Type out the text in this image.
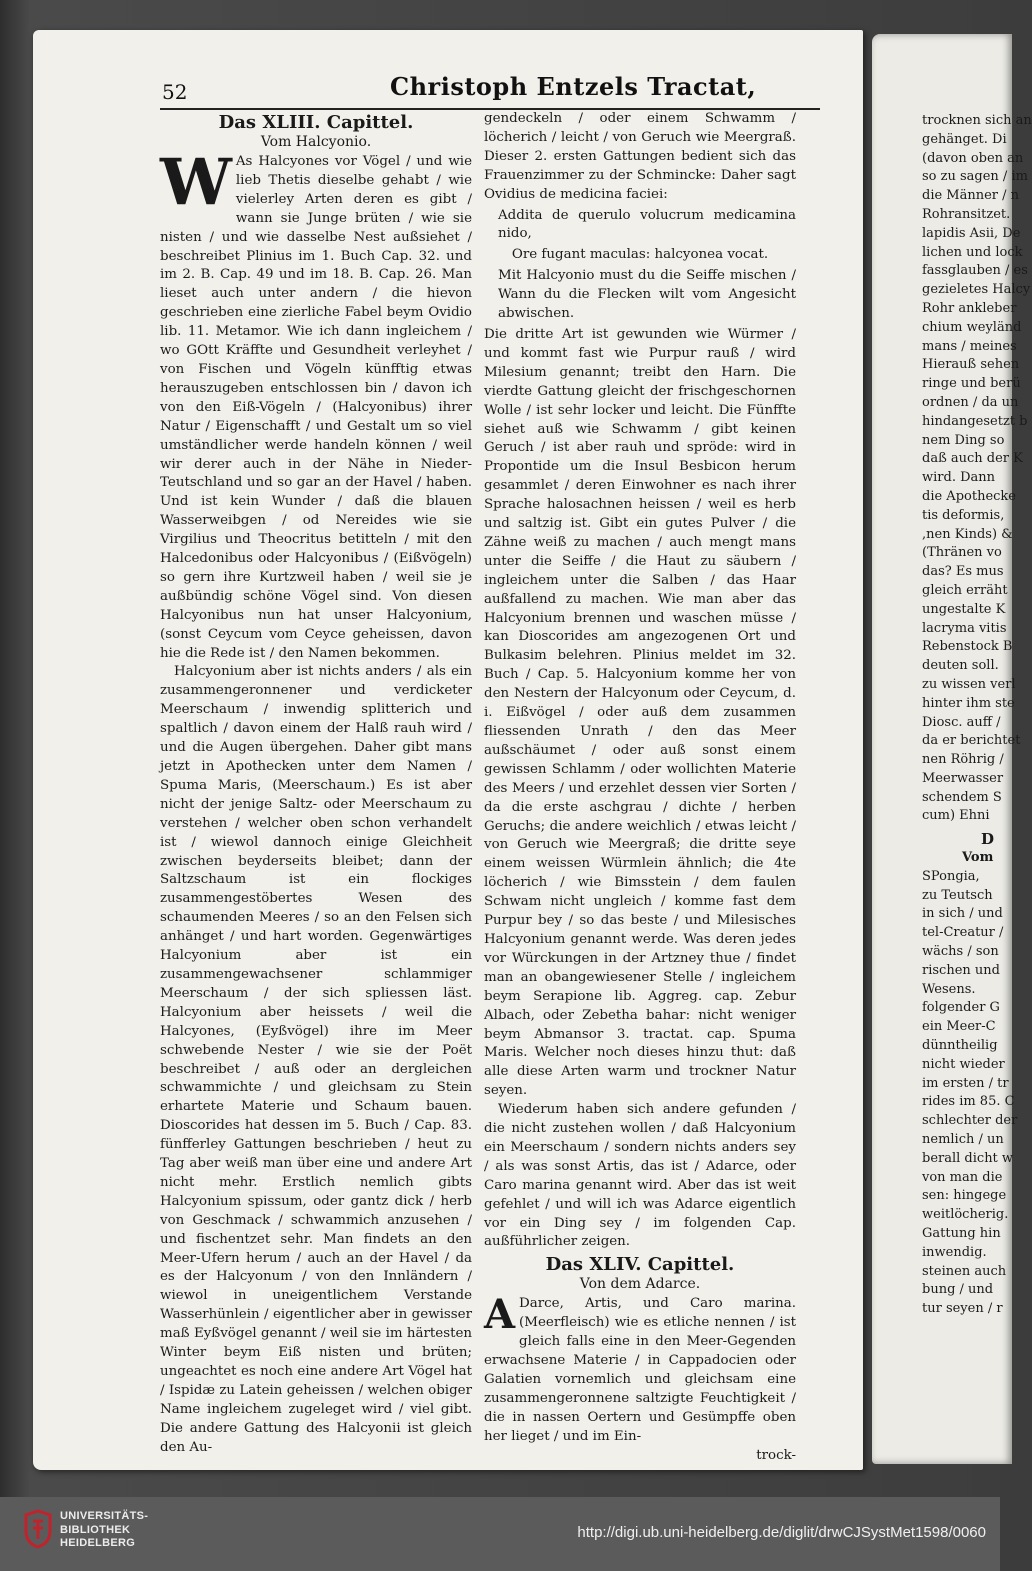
52	Christoph Entzels Tractat,
Das XLIII. Capittel.
Vom Halcyonio.

W As Halcyones vor Vögel / und wie lieb Thetis dieselbe gehabt / wie vielerley Arten deren es gibt / wann sie Junge brüten / wie sie nisten / und wie dasselbe Nest außsiehet / beschreibet Plinius im 1. Buch Cap. 32. und im 2. B. Cap. 49 und im 18. B. Cap. 26. Man lieset auch unter andern / die hievon geschrieben eine zierliche Fabel beym Ovidio lib. 11. Metamor. Wie ich dann ingleichem / wo GOtt Kräffte und Gesundheit verleyhet / von Fischen und Vögeln künfftig etwas herauszugeben entschlossen bin / davon ich von den Eiß-Vögeln / (Halcyonibus) ihrer Natur / Eigenschafft / und Gestalt um so viel umständlicher werde handeln können / weil wir derer auch in der Nähe in Nieder-Teutschland und so gar an der Havel / haben. Und ist kein Wunder / daß die blauen Wasserweibgen / od Nereides wie sie Virgilius und Theocritus betitteln / mit den Halcedonibus oder Halcyonibus / (Eißvögeln) so gern ihre Kurtzweil haben / weil sie je außbündig schöne Vögel sind. Von diesen Halcyonibus nun hat unser Halcyonium, (sonst Ceycum vom Ceyce geheissen, davon hie die Rede ist / den Namen bekommen.

Halcyonium aber ist nichts anders / als ein zusammengeronnener und verdicketer Meerschaum / inwendig splitterich und spaltlich / davon einem der Halß rauh wird / und die Augen übergehen. Daher gibt mans jetzt in Apothecken unter dem Namen / Spuma Maris, (Meerschaum.) Es ist aber nicht der jenige Saltz- oder Meerschaum zu verstehen / welcher oben schon verhandelt ist / wiewol dannoch einige Gleichheit zwischen beyderseits bleibet; dann der Saltzschaum ist ein flockiges zusammengestöbertes Wesen des schaumenden Meeres / so an den Felsen sich anhänget / und hart worden. Gegenwärtiges Halcyonium aber ist ein zusammengewachsener schlammiger Meerschaum / der sich spliessen läst. Halcyonium aber heissets / weil die Halcyones, (Eyßvögel) ihre im Meer schwebende Nester / wie sie der Poët beschreibet / auß oder an dergleichen schwammichte / und gleichsam zu Stein erhartete Materie und Schaum bauen. Dioscorides hat dessen im 5. Buch / Cap. 83. fünfferley Gattungen beschrieben / heut zu Tag aber weiß man über eine und andere Art nicht mehr. Erstlich nemlich gibts Halcyonium spissum, oder gantz dick / herb von Geschmack / schwammich anzusehen / und fischentzet sehr. Man findets an den Meer-Ufern herum / auch an der Havel / da es der Halcyonum / von den Innländern / wiewol in uneigentlichem Verstande Wasserhünlein / eigentlicher aber in gewisser maß Eyßvögel genannt / weil sie im härtesten Winter beym Eiß nisten und brüten; ungeachtet es noch eine andere Art Vögel hat / Ispidæ zu Latein geheissen / welchen obiger Name ingleichem zugeleget wird / viel gibt. Die andere Gattung des Halcyonii ist gleich den Au-

gendeckeln / oder einem Schwamm / löcherich / leicht / von Geruch wie Meergraß. Dieser 2. ersten Gattungen bedient sich das Frauenzimmer zu der Schmincke: Daher sagt Ovidius de medicina faciei:

Addita de querulo volucrum medicamina nido,

Ore fugant maculas: halcyonea vocat.

Mit Halcyonio must du die Seiffe mischen / Wann du die Flecken wilt vom Angesicht abwischen.

Die dritte Art ist gewunden wie Würmer / und kommt fast wie Purpur rauß / wird Milesium genannt; treibt den Harn. Die vierdte Gattung gleicht der frischgeschornen Wolle / ist sehr locker und leicht. Die Fünffte siehet auß wie Schwamm / gibt keinen Geruch / ist aber rauh und spröde: wird in Propontide um die Insul Besbicon herum gesammlet / deren Einwohner es nach ihrer Sprache halosachnen heissen / weil es herb und saltzig ist. Gibt ein gutes Pulver / die Zähne weiß zu machen / auch mengt mans unter die Seiffe / die Haut zu säubern / ingleichem unter die Salben / das Haar außfallend zu machen. Wie man aber das Halcyonium brennen und waschen müsse / kan Dioscorides am angezogenen Ort und Bulkasim belehren. Plinius meldet im 32. Buch / Cap. 5. Halcyonium komme her von den Nestern der Halcyonum oder Ceycum, d. i. Eißvögel / oder auß dem zusammen fliessenden Unrath / den das Meer außschäumet / oder auß sonst einem gewissen Schlamm / oder wollichten Materie des Meers / und erzehlet dessen vier Sorten / da die erste aschgrau / dichte / herben Geruchs; die andere weichlich / etwas leicht / von Geruch wie Meergraß; die dritte seye einem weissen Würmlein ähnlich; die 4te löcherich / wie Bimsstein / dem faulen Schwam nicht ungleich / komme fast dem Purpur bey / so das beste / und Milesisches Halcyonium genannt werde. Was deren jedes vor Würckungen in der Artzney thue / findet man an obangewiesener Stelle / ingleichem beym Serapione lib. Aggreg. cap. Zebur Albach, oder Zebetha bahar: nicht weniger beym Abmansor 3. tractat. cap. Spuma Maris. Welcher noch dieses hinzu thut: daß alle diese Arten warm und trockner Natur seyen.

Wiederum haben sich andere gefunden / die nicht zustehen wollen / daß Halcyonium ein Meerschaum / sondern nichts anders sey / als was sonst Artis, das ist / Adarce, oder Caro marina genannt wird. Aber das ist weit gefehlet / und will ich was Adarce eigentlich vor ein Ding sey / im folgenden Cap. außführlicher zeigen.

Das XLIV. Capittel.
Von dem Adarce.

A Darce, Artis, und Caro marina. (Meerfleisch) wie es etliche nennen / ist gleich falls eine in den Meer-Gegenden erwachsene Materie / in Cappadocien oder Galatien vornemlich und gleichsam eine zusammengeronnene saltzigte Feuchtigkeit / die in nassen Oertern und Gesümpffe oben her lieget / und im Ein-

trock-
trocknen sich an
gehänget. Di
(davon oben an
so zu sagen / im
die Männer / n
Rohransitzet.
lapidis Asii, De
lichen und lock
fassglauben / es
gezieletes Halcy
Rohr ankleber
chium weyländ
mans / meines
Hierauß sehen
ringe und berü
ordnen / da un
hindangesetzt b
nem Ding so
daß auch der K
wird. Dann
die Apothecke
tis deformis,
,nen Kinds) &
(Thränen vo
das? Es mus
gleich erräht
ungestalte K
lacryma vitis
Rebenstock B
deuten soll.
zu wissen verl
hinter ihm ste
Diosc. auff /
da er berichtet
nen Röhrig /
Meerwasser
schendem S
cum) Ehni
D
Vom
SPongia,
zu Teutsch
in sich / und
tel-Creatur /
wächs / son
rischen und
Wesens.
folgender G
ein Meer-C
dünntheilig
nicht wieder
im ersten / tr
rides im 85. C
schlechter der
nemlich / un
berall dicht w
von man die
sen: hingege
weitlöcherig.
Gattung hin
inwendig.
steinen auch
bung / und
tur seyen / r
UNIVERSITÄTS-
BIBLIOTHEK
HEIDELBERG
http://digi.ub.uni-heidelberg.de/diglit/drwCJSystMet1598/0060
